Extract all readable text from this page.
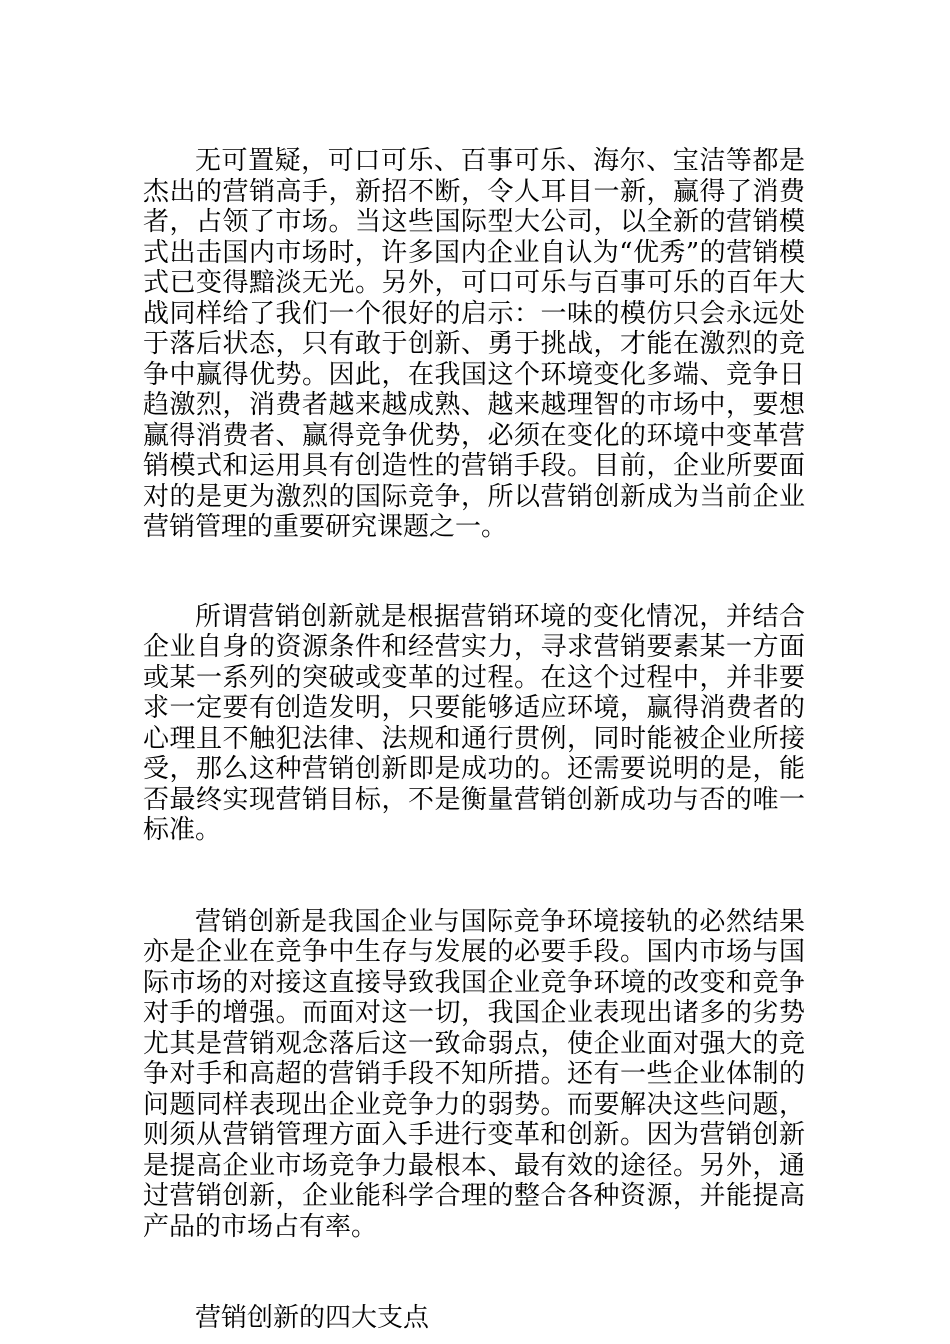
无可置疑，可口可乐、百事可乐、海尔、宝洁等都是杰出的营销高手，新招不断，令人耳目一新，赢得了消费者，占领了市场。当这些国际型大公司，以全新的营销模式出击国内市场时，许多国内企业自认为“优秀”的营销模式已变得黯淡无光。另外，可口可乐与百事可乐的百年大战同样给了我们一个很好的启示：一味的模仿只会永远处于落后状态，只有敢于创新、勇于挑战，才能在激烈的竞争中赢得优势。因此，在我国这个环境变化多端、竞争日趋激烈，消费者越来越成熟、越来越理智的市场中，要想赢得消费者、赢得竞争优势，必须在变化的环境中变革营销模式和运用具有创造性的营销手段。目前，企业所要面对的是更为激烈的国际竞争，所以营销创新成为当前企业营销管理的重要研究课题之一。

所谓营销创新就是根据营销环境的变化情况，并结合企业自身的资源条件和经营实力，寻求营销要素某一方面或某一系列的突破或变革的过程。在这个过程中，并非要求一定要有创造发明，只要能够适应环境，赢得消费者的心理且不触犯法律、法规和通行贯例，同时能被企业所接受，那么这种营销创新即是成功的。还需要说明的是，能否最终实现营销目标，不是衡量营销创新成功与否的唯一标准。

营销创新是我国企业与国际竞争环境接轨的必然结果亦是企业在竞争中生存与发展的必要手段。国内市场与国际市场的对接这直接导致我国企业竞争环境的改变和竞争对手的增强。而面对这一切，我国企业表现出诸多的劣势尤其是营销观念落后这一致命弱点，使企业面对强大的竞争对手和高超的营销手段不知所措。还有一些企业体制的问题同样表现出企业竞争力的弱势。而要解决这些问题，则须从营销管理方面入手进行变革和创新。因为营销创新是提高企业市场竞争力最根本、最有效的途径。另外，通过营销创新，企业能科学合理的整合各种资源，并能提高产品的市场占有率。

营销创新的四大支点
